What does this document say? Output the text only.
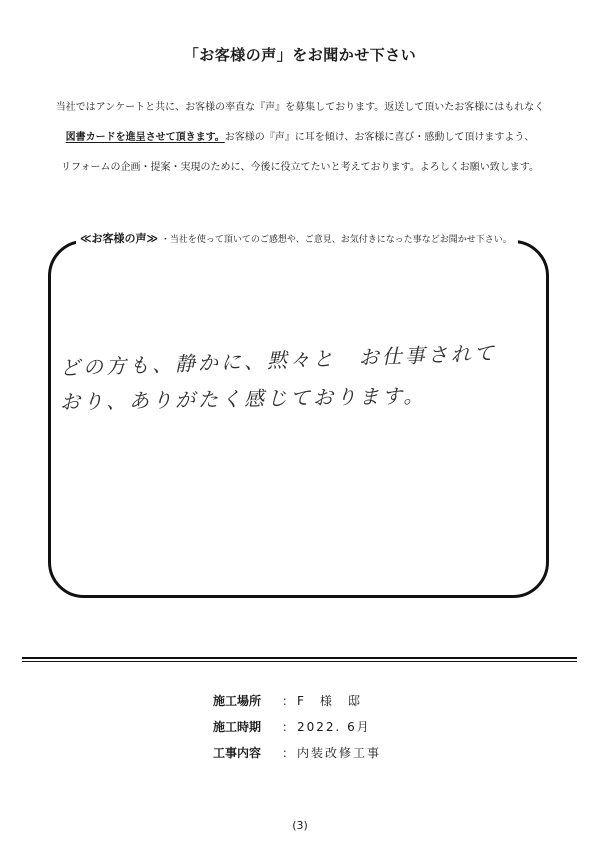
「お客様の声」をお聞かせ下さい
当社ではアンケートと共に、お客様の率直な『声』を募集しております。返送して頂いたお客様にはもれなく
図書カードを進呈させて頂きます。お客様の『声』に耳を傾け、お客様に喜び・感動して頂けますよう、
リフォームの企画・提案・実現のために、今後に役立てたいと考えております。よろしくお願い致します。
≪お客様の声≫ ・当社を使って頂いてのご感想や、ご意見、お気付きになった事などお聞かせ下さい。
どの方も、静かに、黙々と　お仕事されて
おり、ありがたく感じております。
施工場所 ： F　様　邸
施工時期 ： 2022. 6月
工事内容 ： 内装改修工事
(3)
